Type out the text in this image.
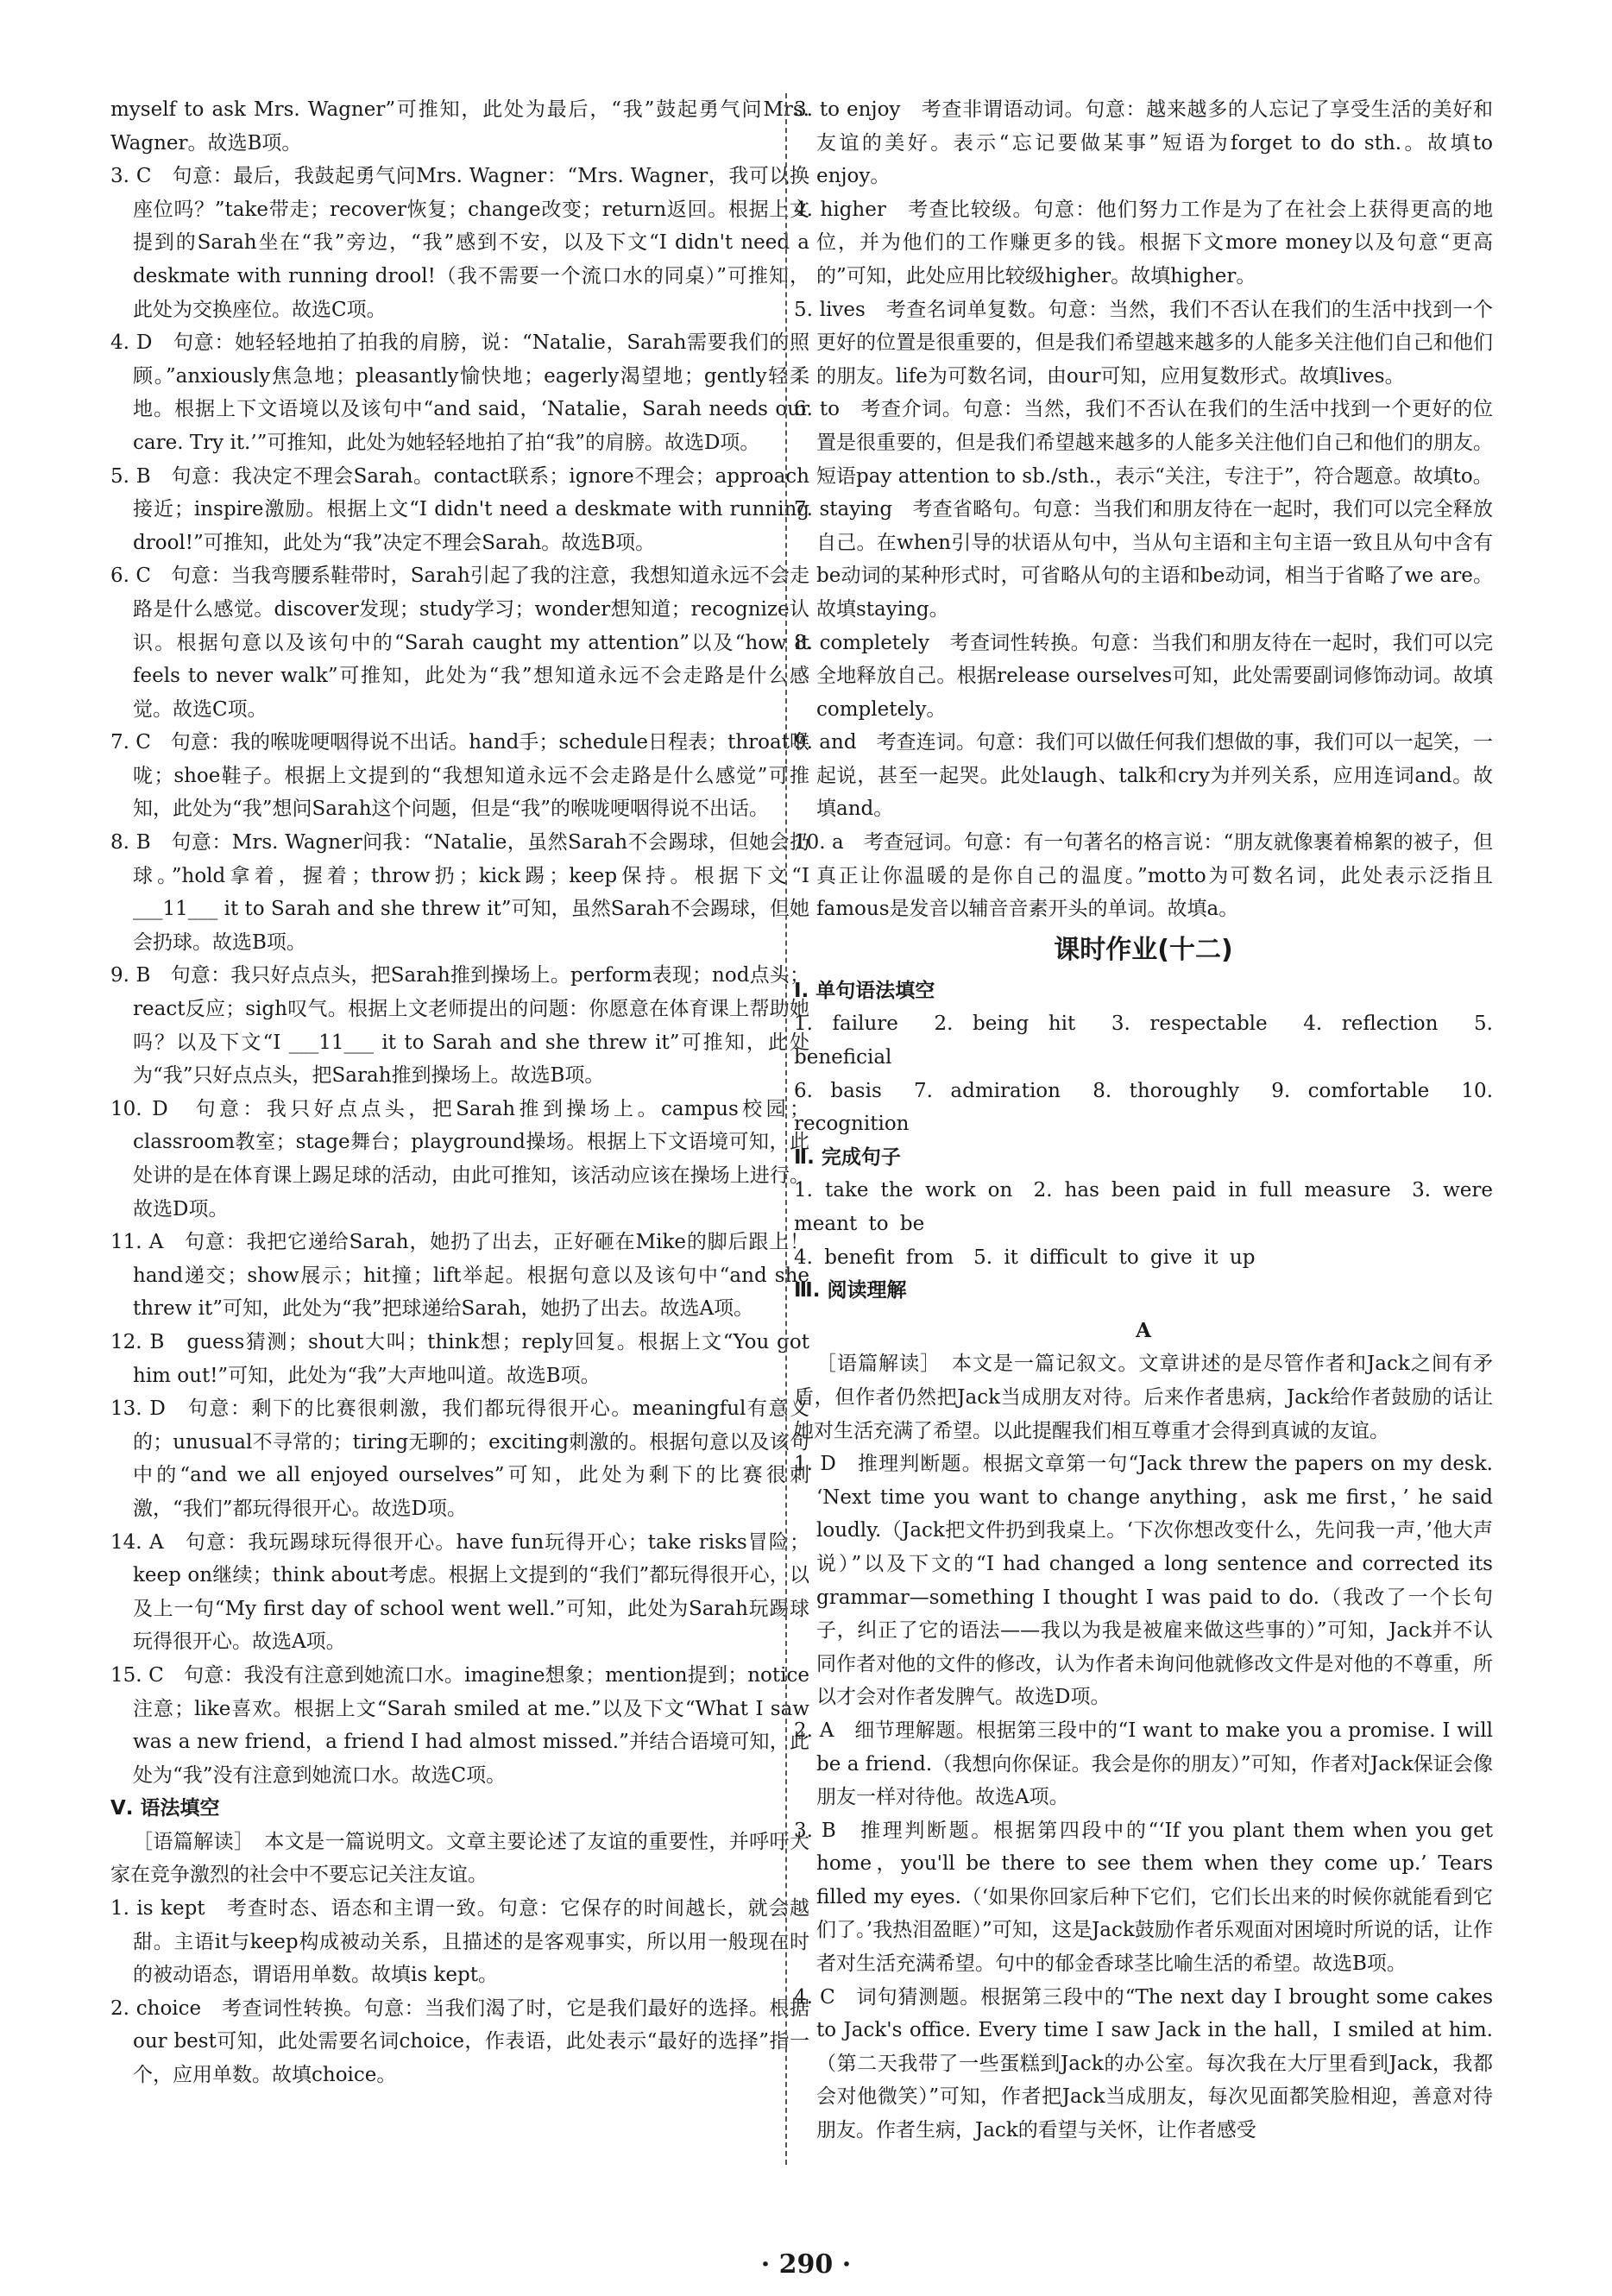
myself to ask Mrs. Wagner”可推知，此处为最后，“我”鼓起勇气问Mrs. Wagner。故选B项。

3. C　句意：最后，我鼓起勇气问Mrs. Wagner：“Mrs. Wagner，我可以换座位吗？”take带走；recover恢复；change改变；return返回。根据上文提到的Sarah坐在“我”旁边，“我”感到不安，以及下文“I didn't need a deskmate with running drool!（我不需要一个流口水的同桌）”可推知，此处为交换座位。故选C项。

4. D　句意：她轻轻地拍了拍我的肩膀，说：“Natalie，Sarah需要我们的照顾。”anxiously焦急地；pleasantly愉快地；eagerly渴望地；gently轻柔地。根据上下文语境以及该句中“and said，‘Natalie，Sarah needs our care. Try it.’”可推知，此处为她轻轻地拍了拍“我”的肩膀。故选D项。

5. B　句意：我决定不理会Sarah。contact联系；ignore不理会；approach接近；inspire激励。根据上文“I didn't need a deskmate with running drool!”可推知，此处为“我”决定不理会Sarah。故选B项。

6. C　句意：当我弯腰系鞋带时，Sarah引起了我的注意，我想知道永远不会走路是什么感觉。discover发现；study学习；wonder想知道；recognize认识。根据句意以及该句中的“Sarah caught my attention”以及“how it feels to never walk”可推知，此处为“我”想知道永远不会走路是什么感觉。故选C项。

7. C　句意：我的喉咙哽咽得说不出话。hand手；schedule日程表；throat喉咙；shoe鞋子。根据上文提到的“我想知道永远不会走路是什么感觉”可推知，此处为“我”想问Sarah这个问题，但是“我”的喉咙哽咽得说不出话。

8. B　句意：Mrs. Wagner问我：“Natalie，虽然Sarah不会踢球，但她会扔球。”hold拿着，握着；throw扔；kick踢；keep保持。根据下文“I ___11___ it to Sarah and she threw it”可知，虽然Sarah不会踢球，但她会扔球。故选B项。

9. B　句意：我只好点点头，把Sarah推到操场上。perform表现；nod点头；react反应；sigh叹气。根据上文老师提出的问题：你愿意在体育课上帮助她吗？以及下文“I ___11___ it to Sarah and she threw it”可推知，此处为“我”只好点点头，把Sarah推到操场上。故选B项。

10. D　句意：我只好点点头，把Sarah推到操场上。campus校园；classroom教室；stage舞台；playground操场。根据上下文语境可知，此处讲的是在体育课上踢足球的活动，由此可推知，该活动应该在操场上进行。故选D项。

11. A　句意：我把它递给Sarah，她扔了出去，正好砸在Mike的脚后跟上！hand递交；show展示；hit撞；lift举起。根据句意以及该句中“and she threw it”可知，此处为“我”把球递给Sarah，她扔了出去。故选A项。

12. B　guess猜测；shout大叫；think想；reply回复。根据上文“You got him out!”可知，此处为“我”大声地叫道。故选B项。

13. D　句意：剩下的比赛很刺激，我们都玩得很开心。meaningful有意义的；unusual不寻常的；tiring无聊的；exciting刺激的。根据句意以及该句中的“and we all enjoyed ourselves”可知，此处为剩下的比赛很刺激，“我们”都玩得很开心。故选D项。

14. A　句意：我玩踢球玩得很开心。have fun玩得开心；take risks冒险；keep on继续；think about考虑。根据上文提到的“我们”都玩得很开心，以及上一句“My first day of school went well.”可知，此处为Sarah玩踢球玩得很开心。故选A项。

15. C　句意：我没有注意到她流口水。imagine想象；mention提到；notice注意；like喜欢。根据上文“Sarah smiled at me.”以及下文“What I saw was a new friend，a friend I had almost missed.”并结合语境可知，此处为“我”没有注意到她流口水。故选C项。

Ⅴ. 语法填空

［语篇解读］　本文是一篇说明文。文章主要论述了友谊的重要性，并呼吁大家在竞争激烈的社会中不要忘记关注友谊。

1. is kept　考查时态、语态和主谓一致。句意：它保存的时间越长，就会越甜。主语it与keep构成被动关系，且描述的是客观事实，所以用一般现在时的被动语态，谓语用单数。故填is kept。

2. choice　考查词性转换。句意：当我们渴了时，它是我们最好的选择。根据our best可知，此处需要名词choice，作表语，此处表示“最好的选择”指一个，应用单数。故填choice。

3. to enjoy　考查非谓语动词。句意：越来越多的人忘记了享受生活的美好和友谊的美好。表示“忘记要做某事”短语为forget to do sth.。故填to enjoy。

4. higher　考查比较级。句意：他们努力工作是为了在社会上获得更高的地位，并为他们的工作赚更多的钱。根据下文more money以及句意“更高的”可知，此处应用比较级higher。故填higher。

5. lives　考查名词单复数。句意：当然，我们不否认在我们的生活中找到一个更好的位置是很重要的，但是我们希望越来越多的人能多关注他们自己和他们的朋友。life为可数名词，由our可知，应用复数形式。故填lives。

6. to　考查介词。句意：当然，我们不否认在我们的生活中找到一个更好的位置是很重要的，但是我们希望越来越多的人能多关注他们自己和他们的朋友。短语pay attention to sb./sth.，表示“关注，专注于”，符合题意。故填to。

7. staying　考查省略句。句意：当我们和朋友待在一起时，我们可以完全释放自己。在when引导的状语从句中，当从句主语和主句主语一致且从句中含有be动词的某种形式时，可省略从句的主语和be动词，相当于省略了we are。故填staying。

8. completely　考查词性转换。句意：当我们和朋友待在一起时，我们可以完全地释放自己。根据release ourselves可知，此处需要副词修饰动词。故填completely。

9. and　考查连词。句意：我们可以做任何我们想做的事，我们可以一起笑，一起说，甚至一起哭。此处laugh、talk和cry为并列关系，应用连词and。故填and。

10. a　考查冠词。句意：有一句著名的格言说：“朋友就像裹着棉絮的被子，但真正让你温暖的是你自己的温度。”motto为可数名词，此处表示泛指且famous是发音以辅音音素开头的单词。故填a。

课时作业(十二)

Ⅰ. 单句语法填空

1. failure　2. being hit　3. respectable　4. reflection　5. beneficial

6. basis　7. admiration　8. thoroughly　9. comfortable　10. recognition

Ⅱ. 完成句子

1. take the work on　2. has been paid in full measure　3. were meant to be

4. benefit from　5. it difficult to give it up

Ⅲ. 阅读理解

A

［语篇解读］　本文是一篇记叙文。文章讲述的是尽管作者和Jack之间有矛盾，但作者仍然把Jack当成朋友对待。后来作者患病，Jack给作者鼓励的话让她对生活充满了希望。以此提醒我们相互尊重才会得到真诚的友谊。

1. D　推理判断题。根据文章第一句“Jack threw the papers on my desk. ‘Next time you want to change anything，ask me first，’ he said loudly.（Jack把文件扔到我桌上。‘下次你想改变什么，先问我一声，’他大声说）”以及下文的“I had changed a long sentence and corrected its grammar—something I thought I was paid to do.（我改了一个长句子，纠正了它的语法——我以为我是被雇来做这些事的）”可知，Jack并不认同作者对他的文件的修改，认为作者未询问他就修改文件是对他的不尊重，所以才会对作者发脾气。故选D项。

2. A　细节理解题。根据第三段中的“I want to make you a promise. I will be a friend.（我想向你保证。我会是你的朋友）”可知，作者对Jack保证会像朋友一样对待他。故选A项。

3. B　推理判断题。根据第四段中的“‘If you plant them when you get home，you'll be there to see them when they come up.’ Tears filled my eyes.（‘如果你回家后种下它们，它们长出来的时候你就能看到它们了。’我热泪盈眶）”可知，这是Jack鼓励作者乐观面对困境时所说的话，让作者对生活充满希望。句中的郁金香球茎比喻生活的希望。故选B项。

4. C　词句猜测题。根据第三段中的“The next day I brought some cakes to Jack's office. Every time I saw Jack in the hall，I smiled at him.（第二天我带了一些蛋糕到Jack的办公室。每次我在大厅里看到Jack，我都会对他微笑）”可知，作者把Jack当成朋友，每次见面都笑脸相迎，善意对待朋友。作者生病，Jack的看望与关怀，让作者感受

· 290 ·
